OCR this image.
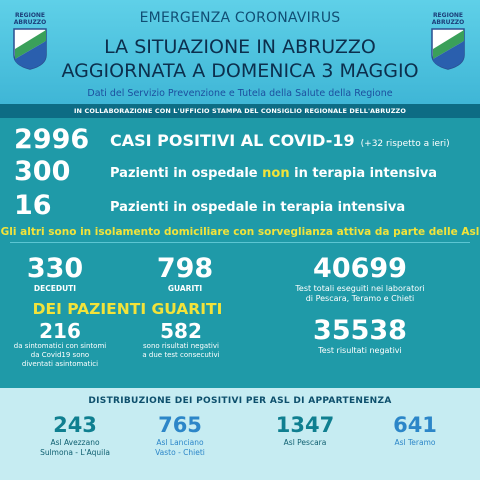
REGIONE ABRUZZO	EMERGENZA CORONAVIRUS
LA SITUAZIONE IN ABRUZZO
AGGIORNATA A DOMENICA 3 MAGGIO
Dati del Servizio Prevenzione e Tutela della Salute della Regione
REGIONE ABRUZZO
IN COLLABORAZIONE CON L'UFFICIO STAMPA DEL CONSIGLIO REGIONALE DELL'ABRUZZO
2996 CASI POSITIVI AL COVID-19 (+32 rispetto a ieri)
300	Pazienti in ospedale non in terapia intensiva
16	Pazienti in ospedale in terapia intensiva
Gli altri sono in isolamento domiciliare con sorveglianza attiva da parte delle Asl
330
DECEDUTI
798
GUARITI
40699
Test totali eseguiti nei laboratori
di Pescara, Teramo e Chieti
DEI PAZIENTI GUARITI
216
da sintomatici con sintomi
da Covid19 sono
diventati asintomatici
582
sono risultati negativi
a due test consecutivi
35538
Test risultati negativi
DISTRIBUZIONE DEI POSITIVI PER ASL DI APPARTENENZA
243
Asl Avezzano
Sulmona - L'Aquila
765
Asl Lanciano
Vasto - Chieti
1347
Asl Pescara
641
Asl Teramo
